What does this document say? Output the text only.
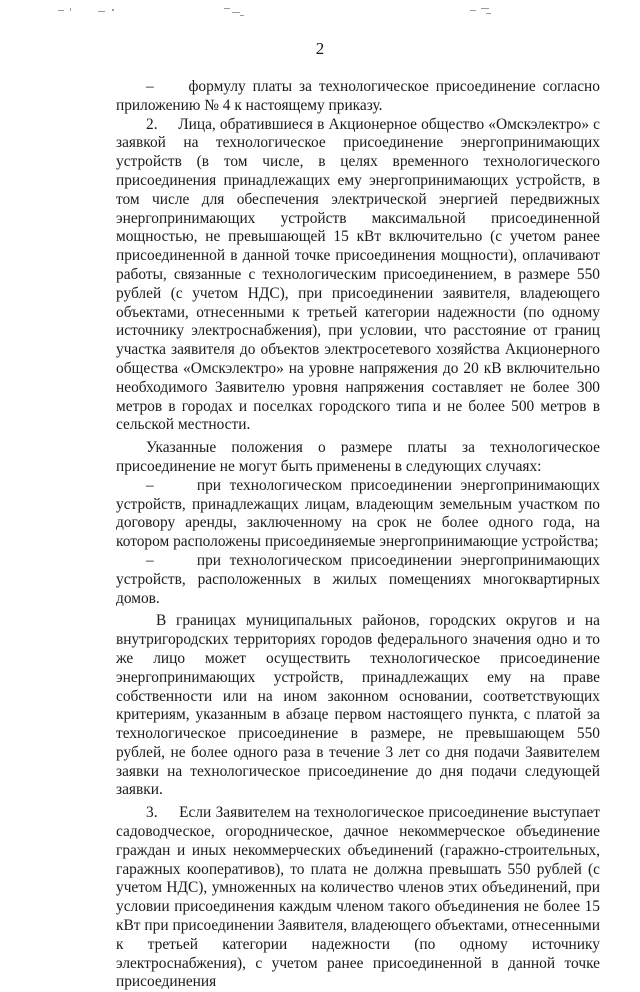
2

–     формулу платы за технологическое присоединение согласно приложению № 4 к настоящему приказу.

2.     Лица, обратившиеся в Акционерное общество «Омскэлектро» с заявкой на технологическое присоединение энергопринимающих устройств (в том числе, в целях временного технологического присоединения принадлежащих ему энергопринимающих устройств, в том числе для обеспечения электрической энергией передвижных энергопринимающих устройств максимальной присоединенной мощностью, не превышающей 15 кВт включительно (с учетом ранее присоединенной в данной точке присоединения мощности), оплачивают работы, связанные с технологическим присоединением, в размере 550 рублей (с учетом НДС), при присоединении заявителя, владеющего объектами, отнесенными к третьей категории надежности (по одному источнику электроснабжения), при условии, что расстояние от границ участка заявителя до объектов электросетевого хозяйства Акционерного общества «Омскэлектро» на уровне напряжения до 20 кВ включительно необходимого Заявителю уровня напряжения составляет не более 300 метров в городах и поселках городского типа и не более 500 метров в сельской местности.

Указанные положения о размере платы за технологическое присоединение не могут быть применены в следующих случаях:

–     при технологическом присоединении энергопринимающих устройств, принадлежащих лицам, владеющим земельным участком по договору аренды, заключенному на срок не более одного года, на котором расположены присоединяемые энергопринимающие устройства;

–     при технологическом присоединении энергопринимающих устройств, расположенных в жилых помещениях многоквартирных домов.

В границах муниципальных районов, городских округов и на внутригородских территориях городов федерального значения одно и то же лицо может осуществить технологическое присоединение энергопринимающих устройств, принадлежащих ему на праве собственности или на ином законном основании, соответствующих критериям, указанным в абзаце первом настоящего пункта, с платой за технологическое присоединение в размере, не превышающем 550 рублей, не более одного раза в течение 3 лет со дня подачи Заявителем заявки на технологическое присоединение до дня подачи следующей заявки.

3.     Если Заявителем на технологическое присоединение выступает садоводческое, огородническое, дачное некоммерческое объединение граждан и иных некоммерческих объединений (гаражно-строительных, гаражных кооперативов), то плата не должна превышать 550 рублей (с учетом НДС), умноженных на количество членов этих объединений, при условии присоединения каждым членом такого объединения не более 15 кВт при присоединении Заявителя, владеющего объектами, отнесенными к третьей категории надежности (по одному источнику электроснабжения), с учетом ранее присоединенной в данной точке присоединения
